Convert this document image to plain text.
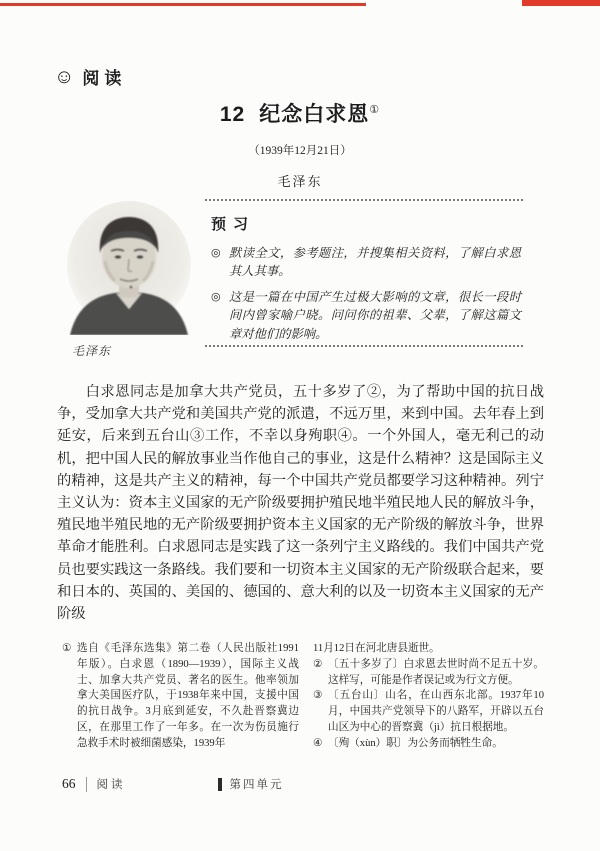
☺ 阅读
12 纪念白求恩①
（1939年12月21日）
毛泽东
毛泽东
预习
◎ 默读全文，参考题注，并搜集相关资料，了解白求恩其人其事。
◎ 这是一篇在中国产生过极大影响的文章，很长一段时间内曾家喻户晓。问问你的祖辈、父辈，了解这篇文章对他们的影响。

白求恩同志是加拿大共产党员，五十多岁了②，为了帮助中国的抗日战争，受加拿大共产党和美国共产党的派遣，不远万里，来到中国。去年春上到延安，后来到五台山③工作，不幸以身殉职④。一个外国人，毫无利己的动机，把中国人民的解放事业当作他自己的事业，这是什么精神？这是国际主义的精神，这是共产主义的精神，每一个中国共产党员都要学习这种精神。列宁主义认为：资本主义国家的无产阶级要拥护殖民地半殖民地人民的解放斗争，殖民地半殖民地的无产阶级要拥护资本主义国家的无产阶级的解放斗争，世界革命才能胜利。白求恩同志是实践了这一条列宁主义路线的。我们中国共产党员也要实践这一条路线。我们要和一切资本主义国家的无产阶级联合起来，要和日本的、英国的、美国的、德国的、意大利的以及一切资本主义国家的无产阶级

① 选自《毛泽东选集》第二卷（人民出版社1991年版）。白求恩（1890—1939），国际主义战士、加拿大共产党员、著名的医生。他率领加拿大美国医疗队，于1938年来中国，支援中国的抗日战争。3月底到延安，不久赴晋察冀边区，在那里工作了一年多。在一次为伤员施行急救手术时被细菌感染，1939年
11月12日在河北唐县逝世。
② 〔五十多岁了〕白求恩去世时尚不足五十岁。这样写，可能是作者误记或为行文方便。
③ 〔五台山〕山名，在山西东北部。1937年10月，中国共产党领导下的八路军，开辟以五台山区为中心的晋察冀（jì）抗日根据地。
④ 〔殉（xùn）职〕为公务而牺牲生命。
66 阅读	第四单元
